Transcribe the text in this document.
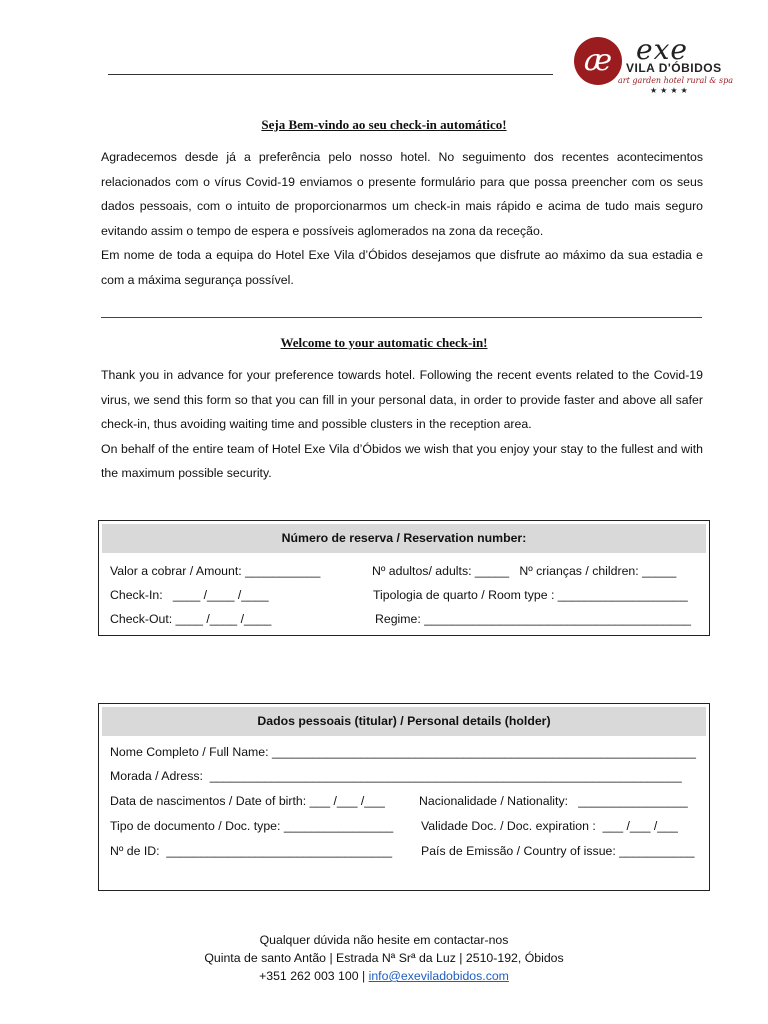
æ exe
VILA D'ÓBIDOS
art garden hotel rural & spa
★★★★
Seja Bem-vindo ao seu check-in automático!

Agradecemos desde já a preferência pelo nosso hotel. No seguimento dos recentes acontecimentos relacionados com o vírus Covid-19 enviamos o presente formulário para que possa preencher com os seus dados pessoais, com o intuito de proporcionarmos um check-in mais rápido e acima de tudo mais seguro evitando assim o tempo de espera e possíveis aglomerados na zona da receção.

Em nome de toda a equipa do Hotel Exe Vila d’Óbidos desejamos que disfrute ao máximo da sua estadia e com a máxima segurança possível.

Welcome to your automatic check-in!

Thank you in advance for your preference towards hotel. Following the recent events related to the Covid-19 virus, we send this form so that you can fill in your personal data, in order to provide faster and above all safer check-in, thus avoiding waiting time and possible clusters in the reception area.

On behalf of the entire team of Hotel Exe Vila d’Óbidos we wish that you enjoy your stay to the fullest and with the maximum possible security.

Número de reserva / Reservation number:
Valor a cobrar / Amount: ___________	Nº adultos/ adults: _____   Nº crianças / children: _____
Check-In:   ____ /____ /____	Tipologia de quarto / Room type : ___________________
Check-Out: ____ /____ /____	Regime: _______________________________________
Dados pessoais (titular) / Personal details (holder)
Nome Completo / Full Name: ______________________________________________________________
Morada / Adress:  _____________________________________________________________________
Data de nascimentos / Date of birth: ___ /___ /___	Nacionalidade / Nationality:   ________________
Tipo de documento / Doc. type: ________________ Validade Doc. / Doc. expiration :  ___ /___ /___
Nº de ID:  _________________________________ País de Emissão / Country of issue: ___________
Qualquer dúvida não hesite em contactar-nos
Quinta de santo Antão | Estrada Nª Srª da Luz | 2510-192, Óbidos
+351 262 003 100 | info@exeviladobidos.com
